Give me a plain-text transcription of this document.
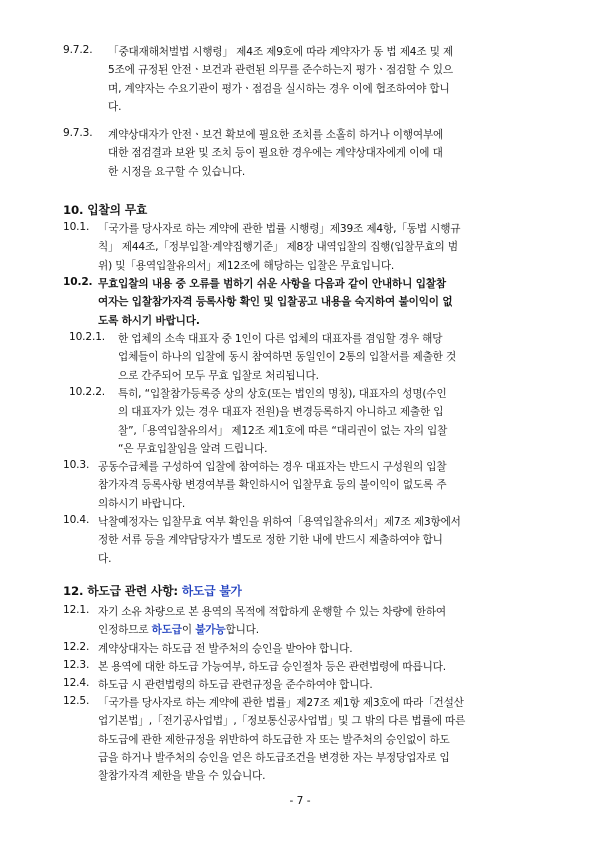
9.7.2. 「중대재해처벌법 시행령」 제4조 제9호에 따라 계약자가 동 법 제4조 및 제
5조에 규정된 안전ㆍ보건과 관련된 의무를 준수하는지 평가ㆍ점검할 수 있으
며, 계약자는 수요기관이 평가ㆍ점검을 실시하는 경우 이에 협조하여야 합니
다.
9.7.3. 계약상대자가 안전ㆍ보건 확보에 필요한 조치를 소홀히 하거나 이행여부에
대한 점검결과 보완 및 조치 등이 필요한 경우에는 계약상대자에게 이에 대
한 시정을 요구할 수 있습니다.
10.1. 「국가를 당사자로 하는 계약에 관한 법률 시행령」제39조 제4항,「동법 시행규
칙」 제44조,「정부입찰·계약집행기준」 제8장 내역입찰의 집행(입찰무효의 범
위) 및「용역입찰유의서」제12조에 해당하는 입찰은 무효입니다.
10.2. 무효입찰의 내용 중 오류를 범하기 쉬운 사항을 다음과 같이 안내하니 입찰참
여자는 입찰참가자격 등록사항 확인 및 입찰공고 내용을 숙지하여 불이익이 없
도록 하시기 바랍니다.
10.2.1. 한 업체의 소속 대표자 중 1인이 다른 업체의 대표자를 겸임할 경우 해당
업체들이 하나의 입찰에 동시 참여하면 동일인이 2통의 입찰서를 제출한 것
으로 간주되어 모두 무효 입찰로 처리됩니다.
10.2.2. 특히, “입찰참가등록증 상의 상호(또는 법인의 명칭), 대표자의 성명(수인
의 대표자가 있는 경우 대표자 전원)을 변경등록하지 아니하고 제출한 입
찰”,「용역입찰유의서」 제12조 제1호에 따른 “대리권이 없는 자의 입찰
“은 무효입찰임을 알려 드립니다.
10.3. 공동수급체를 구성하여 입찰에 참여하는 경우 대표자는 반드시 구성원의 입찰
참가자격 등록사항 변경여부를 확인하시어 입찰무효 등의 불이익이 없도록 주
의하시기 바랍니다.
10.4. 낙찰예정자는 입찰무효 여부 확인을 위하여「용역입찰유의서」제7조 제3항에서
정한 서류 등을 계약담당자가 별도로 정한 기한 내에 반드시 제출하여야 합니
다.
12.1. 자기 소유 차량으로 본 용역의 목적에 적합하게 운행할 수 있는 차량에 한하여
12.2. 계약상대자는 하도급 전 발주처의 승인을 받아야 합니다.
12.3. 본 용역에 대한 하도급 가능여부, 하도급 승인절차 등은 관련법령에 따릅니다.
12.4. 하도급 시 관련법령의 하도급 관련규정을 준수하여야 합니다.
12.5. 「국가를 당사자로 하는 계약에 관한 법률」제27조 제1항 제3호에 따라「건설산
업기본법」,「전기공사업법」,「정보통신공사업법」및 그 밖의 다른 법률에 따른
하도급에 관한 제한규정을 위반하여 하도급한 자 또는 발주처의 승인없이 하도
급을 하거나 발주처의 승인을 얻은 하도급조건을 변경한 자는 부정당업자로 입
찰참가자격 제한을 받을 수 있습니다.
10. 입찰의 무효
12. 하도급 관련 사항: 하도급 불가
인정하므로 하도급이 불가능합니다.
- 7 -
